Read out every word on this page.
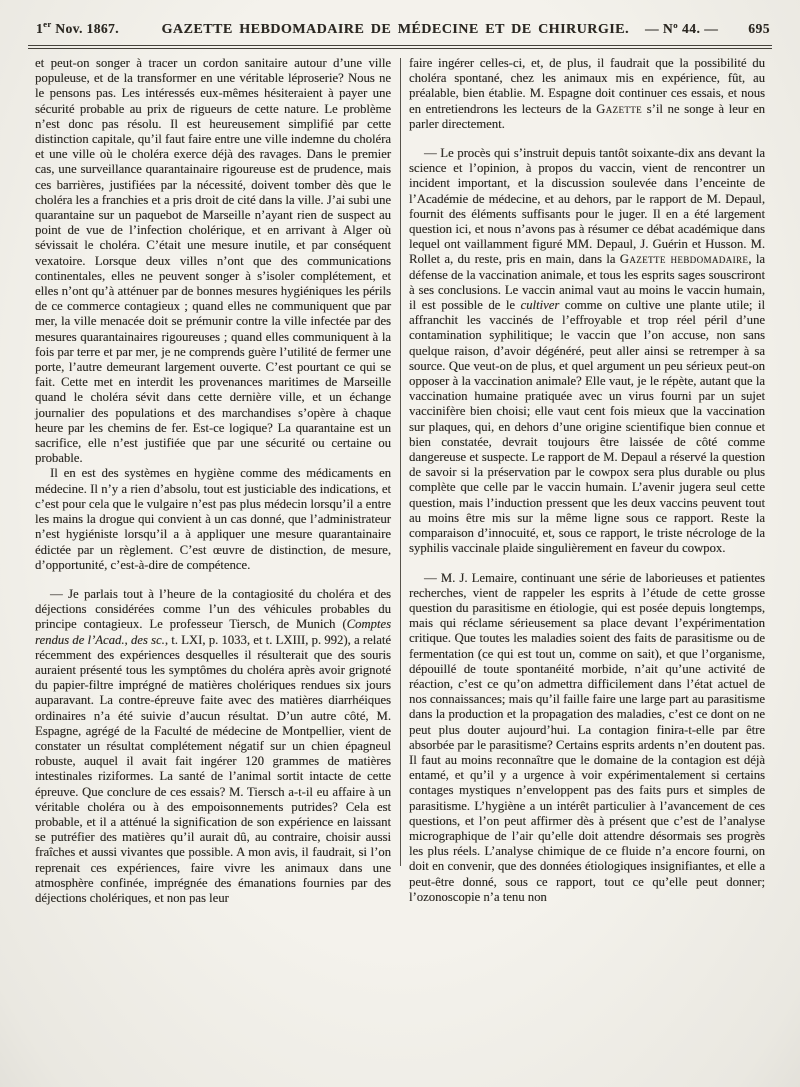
1er Nov. 1867.	GAZETTE HEBDOMADAIRE DE MÉDECINE ET DE CHIRURGIE. — Nº 44. — 695

et peut-on songer à tracer un cordon sanitaire autour d’une ville populeuse, et de la transformer en une véritable léproserie? Nous ne le pensons pas. Les intéressés eux-mêmes hésiteraient à payer une sécurité probable au prix de rigueurs de cette nature. Le problème n’est donc pas résolu. Il est heureusement simplifié par cette distinction capitale, qu’il faut faire entre une ville indemne du choléra et une ville où le choléra exerce déjà des ravages. Dans le premier cas, une surveillance quarantainaire rigoureuse est de prudence, mais ces barrières, justifiées par la nécessité, doivent tomber dès que le choléra les a franchies et a pris droit de cité dans la ville. J’ai subi une quarantaine sur un paquebot de Marseille n’ayant rien de suspect au point de vue de l’infection cholérique, et en arrivant à Alger où sévissait le choléra. C’était une mesure inutile, et par conséquent vexatoire. Lorsque deux villes n’ont que des communications continentales, elles ne peuvent songer à s’isoler complétement, et elles n’ont qu’à atténuer par de bonnes mesures hygiéniques les périls de ce commerce contagieux ; quand elles ne communiquent que par mer, la ville menacée doit se prémunir contre la ville infectée par des mesures quarantainaires rigoureuses ; quand elles communiquent à la fois par terre et par mer, je ne comprends guère l’utilité de fermer une porte, l’autre demeurant largement ouverte. C’est pourtant ce qui se fait. Cette met en interdit les provenances maritimes de Marseille quand le choléra sévit dans cette dernière ville, et un échange journalier des populations et des marchandises s’opère à chaque heure par les chemins de fer. Est-ce logique? La quarantaine est un sacrifice, elle n’est justifiée que par une sécurité ou certaine ou probable.

Il en est des systèmes en hygiène comme des médicaments en médecine. Il n’y a rien d’absolu, tout est justiciable des indications, et c’est pour cela que le vulgaire n’est pas plus médecin lorsqu’il a entre les mains la drogue qui convient à un cas donné, que l’administrateur n’est hygiéniste lorsqu’il a à appliquer une mesure quarantainaire édictée par un règlement. C’est œuvre de distinction, de mesure, d’opportunité, c’est-à-dire de compétence.

— Je parlais tout à l’heure de la contagiosité du choléra et des déjections considérées comme l’un des véhicules probables du principe contagieux. Le professeur Tiersch, de Munich (Comptes rendus de l’Acad., des sc., t. LXI, p. 1033, et t. LXIII, p. 992), a relaté récemment des expériences desquelles il résulterait que des souris auraient présenté tous les symptômes du choléra après avoir grignoté du papier-filtre imprégné de matières cholériques rendues six jours auparavant. La contre-épreuve faite avec des matières diarrhéiques ordinaires n’a été suivie d’aucun résultat. D’un autre côté, M. Espagne, agrégé de la Faculté de médecine de Montpellier, vient de constater un résultat complétement négatif sur un chien épagneul robuste, auquel il avait fait ingérer 120 grammes de matières intestinales riziformes. La santé de l’animal sortit intacte de cette épreuve. Que conclure de ces essais? M. Tiersch a-t-il eu affaire à un véritable choléra ou à des empoisonnements putrides? Cela est probable, et il a atténué la signification de son expérience en laissant se putréfier des matières qu’il aurait dû, au contraire, choisir aussi fraîches et aussi vivantes que possible. A mon avis, il faudrait, si l’on reprenait ces expériences, faire vivre les animaux dans une atmosphère confinée, imprégnée des émanations fournies par des déjections cholériques, et non pas leur

faire ingérer celles-ci, et, de plus, il faudrait que la possibilité du choléra spontané, chez les animaux mis en expérience, fût, au préalable, bien établie. M. Espagne doit continuer ces essais, et nous en entretiendrons les lecteurs de la Gazette s’il ne songe à leur en parler directement.

— Le procès qui s’instruit depuis tantôt soixante-dix ans devant la science et l’opinion, à propos du vaccin, vient de rencontrer un incident important, et la discussion soulevée dans l’enceinte de l’Académie de médecine, et au dehors, par le rapport de M. Depaul, fournit des éléments suffisants pour le juger. Il en a été largement question ici, et nous n’avons pas à résumer ce débat académique dans lequel ont vaillamment figuré MM. Depaul, J. Guérin et Husson. M. Rollet a, du reste, pris en main, dans la Gazette hebdomadaire, la défense de la vaccination animale, et tous les esprits sages souscriront à ses conclusions. Le vaccin animal vaut au moins le vaccin humain, il est possible de le cultiver comme on cultive une plante utile; il affranchit les vaccinés de l’effroyable et trop réel péril d’une contamination syphilitique; le vaccin que l’on accuse, non sans quelque raison, d’avoir dégénéré, peut aller ainsi se retremper à sa source. Que veut-on de plus, et quel argument un peu sérieux peut-on opposer à la vaccination animale? Elle vaut, je le répète, autant que la vaccination humaine pratiquée avec un virus fourni par un sujet vaccinifère bien choisi; elle vaut cent fois mieux que la vaccination sur plaques, qui, en dehors d’une origine scientifique bien connue et bien constatée, devrait toujours être laissée de côté comme dangereuse et suspecte. Le rapport de M. Depaul a réservé la question de savoir si la préservation par le cowpox sera plus durable ou plus complète que celle par le vaccin humain. L’avenir jugera seul cette question, mais l’induction pressent que les deux vaccins peuvent tout au moins être mis sur la même ligne sous ce rapport. Reste la comparaison d’innocuité, et, sous ce rapport, le triste nécrologe de la syphilis vaccinale plaide singulièrement en faveur du cowpox.

— M. J. Lemaire, continuant une série de laborieuses et patientes recherches, vient de rappeler les esprits à l’étude de cette grosse question du parasitisme en étiologie, qui est posée depuis longtemps, mais qui réclame sérieusement sa place devant l’expérimentation critique. Que toutes les maladies soient des faits de parasitisme ou de fermentation (ce qui est tout un, comme on sait), et que l’organisme, dépouillé de toute spontanéité morbide, n’ait qu’une activité de réaction, c’est ce qu’on admettra difficilement dans l’état actuel de nos connaissances; mais qu’il faille faire une large part au parasitisme dans la production et la propagation des maladies, c’est ce dont on ne peut plus douter aujourd’hui. La contagion finira-t-elle par être absorbée par le parasitisme? Certains esprits ardents n’en doutent pas. Il faut au moins reconnaître que le domaine de la contagion est déjà entamé, et qu’il y a urgence à voir expérimentalement si certains contages mystiques n’enveloppent pas des faits purs et simples de parasitisme. L’hygiène a un intérêt particulier à l’avancement de ces questions, et l’on peut affirmer dès à présent que c’est de l’analyse micrographique de l’air qu’elle doit attendre désormais ses progrès les plus réels. L’analyse chimique de ce fluide n’a encore fourni, on doit en convenir, que des données étiologiques insignifiantes, et elle a peut-être donné, sous ce rapport, tout ce qu’elle peut donner; l’ozonoscopie n’a tenu non
